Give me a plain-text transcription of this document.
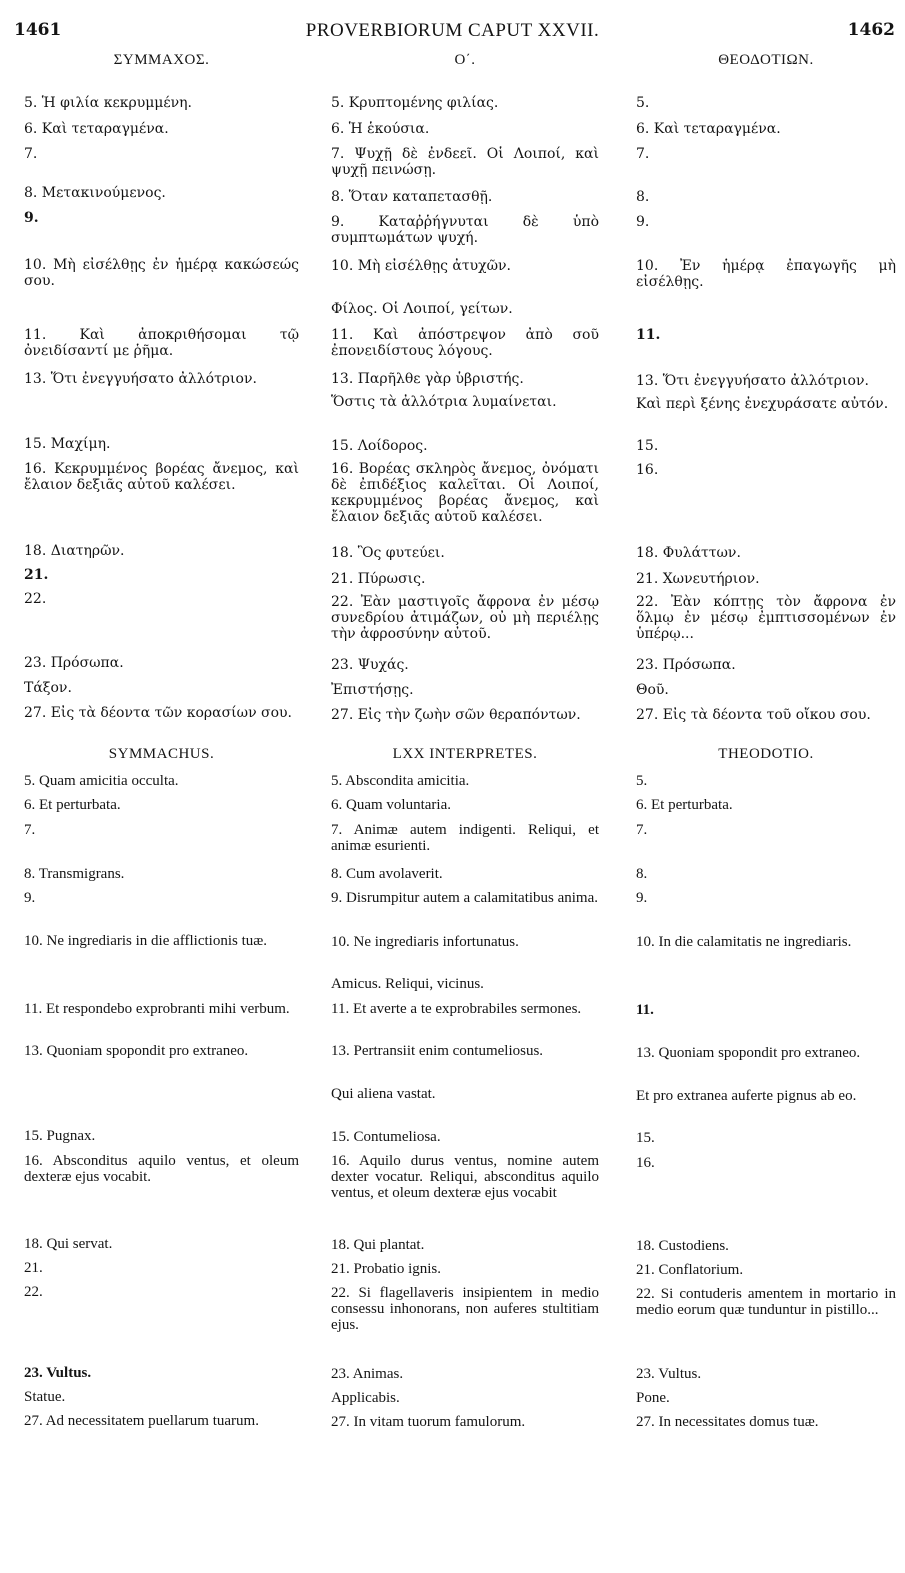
1461	PROVERBIORUM CAPUT XXVII.	1462
ΣΥΜΜΑΧΟΣ.

5. Ἡ φιλία κεκρυμμένη.

6. Καὶ τεταραγμένα.

7.

8. Μετακινούμενος.

9.

10. Μὴ εἰσέλθῃς ἐν ἡμέρᾳ κακώσεώς σου.

11. Καὶ ἀποκριθήσομαι τῷ ὀνειδίσαντί με ῥῆμα.

13. Ὅτι ἐνεγγυήσατο ἀλλότριον.

15. Μαχίμη.

16. Κεκρυμμένος βορέας ἄνεμος, καὶ ἔλαιον δεξιᾶς αὐτοῦ καλέσει.

18. Διατηρῶν.

21.

22.

23. Πρόσωπα.

Τάξον.

27. Εἰς τὰ δέοντα τῶν κορασίων σου.

SYMMACHUS.

5. Quam amicitia occulta.

6. Et perturbata.

7.

8. Transmigrans.

9.

10. Ne ingrediaris in die afflictionis tuæ.

11. Et respondebo exprobranti mihi verbum.

13. Quoniam spopondit pro extraneo.

15. Pugnax.

16. Absconditus aquilo ventus, et oleum dexteræ ejus vocabit.

18. Qui servat.

21.

22.

23. Vultus.

Statue.

27. Ad necessitatem puellarum tuarum.

Ο΄.

5. Κρυπτομένης φιλίας.

6. Ἡ ἑκούσια.

7. Ψυχῇ δὲ ἐνδεεῖ. Οἱ Λοιποί, καὶ ψυχῇ πεινώσῃ.

8. Ὅταν καταπετασθῇ.

9. Καταῤῥήγνυται δὲ ὑπὸ συμπτωμάτων ψυχή.

10. Μὴ εἰσέλθῃς ἀτυχῶν.

Φίλος. Οἱ Λοιποί, γείτων.

11. Καὶ ἀπόστρεψον ἀπὸ σοῦ ἐπονειδίστους λόγους.

13. Παρῆλθε γὰρ ὑβριστής.

Ὅστις τὰ ἀλλότρια λυμαίνεται.

15. Λοίδορος.

16. Βορέας σκληρὸς ἄνεμος, ὀνόματι δὲ ἐπιδέξιος καλεῖται. Οἱ Λοιποί, κεκρυμμένος βορέας ἄνεμος, καὶ ἔλαιον δεξιᾶς αὐτοῦ καλέσει.

18. Ὃς φυτεύει.

21. Πύρωσις.

22. Ἐὰν μαστιγοῖς ἄφρονα ἐν μέσῳ συνεδρίου ἀτιμάζων, οὐ μὴ περιέλῃς τὴν ἀφροσύνην αὐτοῦ.

23. Ψυχάς.

Ἐπιστήσῃς.

27. Εἰς τὴν ζωὴν σῶν θεραπόντων.

LXX INTERPRETES.

5. Abscondita amicitia.

6. Quam voluntaria.

7. Animæ autem indigenti. Reliqui, et animæ esurienti.

8. Cum avolaverit.

9. Disrumpitur autem a calamitatibus anima.

10. Ne ingrediaris infortunatus.

Amicus. Reliqui, vicinus.

11. Et averte a te exprobrabiles sermones.

13. Pertransiit enim contumeliosus.

Qui aliena vastat.

15. Contumeliosa.

16. Aquilo durus ventus, nomine autem dexter vocatur. Reliqui, absconditus aquilo ventus, et oleum dexteræ ejus vocabit

18. Qui plantat.

21. Probatio ignis.

22. Si flagellaveris insipientem in medio consessu inhonorans, non auferes stultitiam ejus.

23. Animas.

Applicabis.

27. In vitam tuorum famulorum.

ΘΕΟΔΟΤΙΩΝ.

5.

6. Καὶ τεταραγμένα.

7.

8.

9.

10. Ἐν ἡμέρᾳ ἐπαγωγῆς μὴ εἰσέλθῃς.

11.

13. Ὅτι ἐνεγγυήσατο ἀλλότριον.

Καὶ περὶ ξένης ἐνεχυράσατε αὐτόν.

15.

16.

18. Φυλάττων.

21. Χωνευτήριον.

22. Ἐὰν κόπτῃς τὸν ἄφρονα ἐν ὅλμῳ ἐν μέσῳ ἐμπτισσομένων ἐν ὑπέρῳ...

23. Πρόσωπα.

Θοῦ.

27. Εἰς τὰ δέοντα τοῦ οἴκου σου.

THEODOTIO.

5.

6. Et perturbata.

7.

8.

9.

10. In die calamitatis ne ingrediaris.

11.

13. Quoniam spopondit pro extraneo.

Et pro extranea auferte pignus ab eo.

15.

16.

18. Custodiens.

21. Conflatorium.

22. Si contuderis amentem in mortario in medio eorum quæ tunduntur in pistillo...

23. Vultus.

Pone.

27. In necessitates domus tuæ.
